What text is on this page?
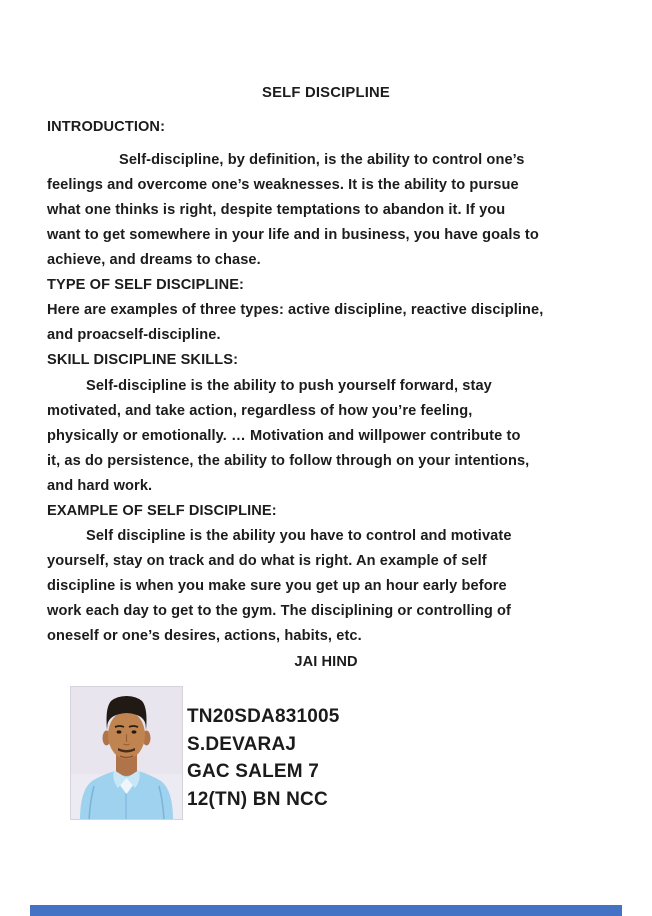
SELF DISCIPLINE
INTRODUCTION:
Self-discipline, by definition, is the ability to control one’s
feelings and overcome one’s weaknesses. It is the ability to pursue
what one thinks is right, despite temptations to abandon it. If you
want to get somewhere in your life and in business, you have goals to
achieve, and dreams to chase.
TYPE OF SELF DISCIPLINE:
Here are examples of three types: active discipline, reactive discipline,
and proacself-discipline.
SKILL DISCIPLINE SKILLS:
Self-discipline is the ability to push yourself forward, stay
motivated, and take action, regardless of how you’re feeling,
physically or emotionally. … Motivation and willpower contribute to
it, as do persistence, the ability to follow through on your intentions,
and hard work.
EXAMPLE OF SELF DISCIPLINE:
Self discipline is the ability you have to control and motivate
yourself, stay on track and do what is right. An example of self
discipline is when you make sure you get up an hour early before
work each day to get to the gym. The disciplining or controlling of
oneself or one’s desires, actions, habits, etc.
JAI HIND
TN20SDA831005
S.DEVARAJ
GAC SALEM 7
12(TN) BN NCC
